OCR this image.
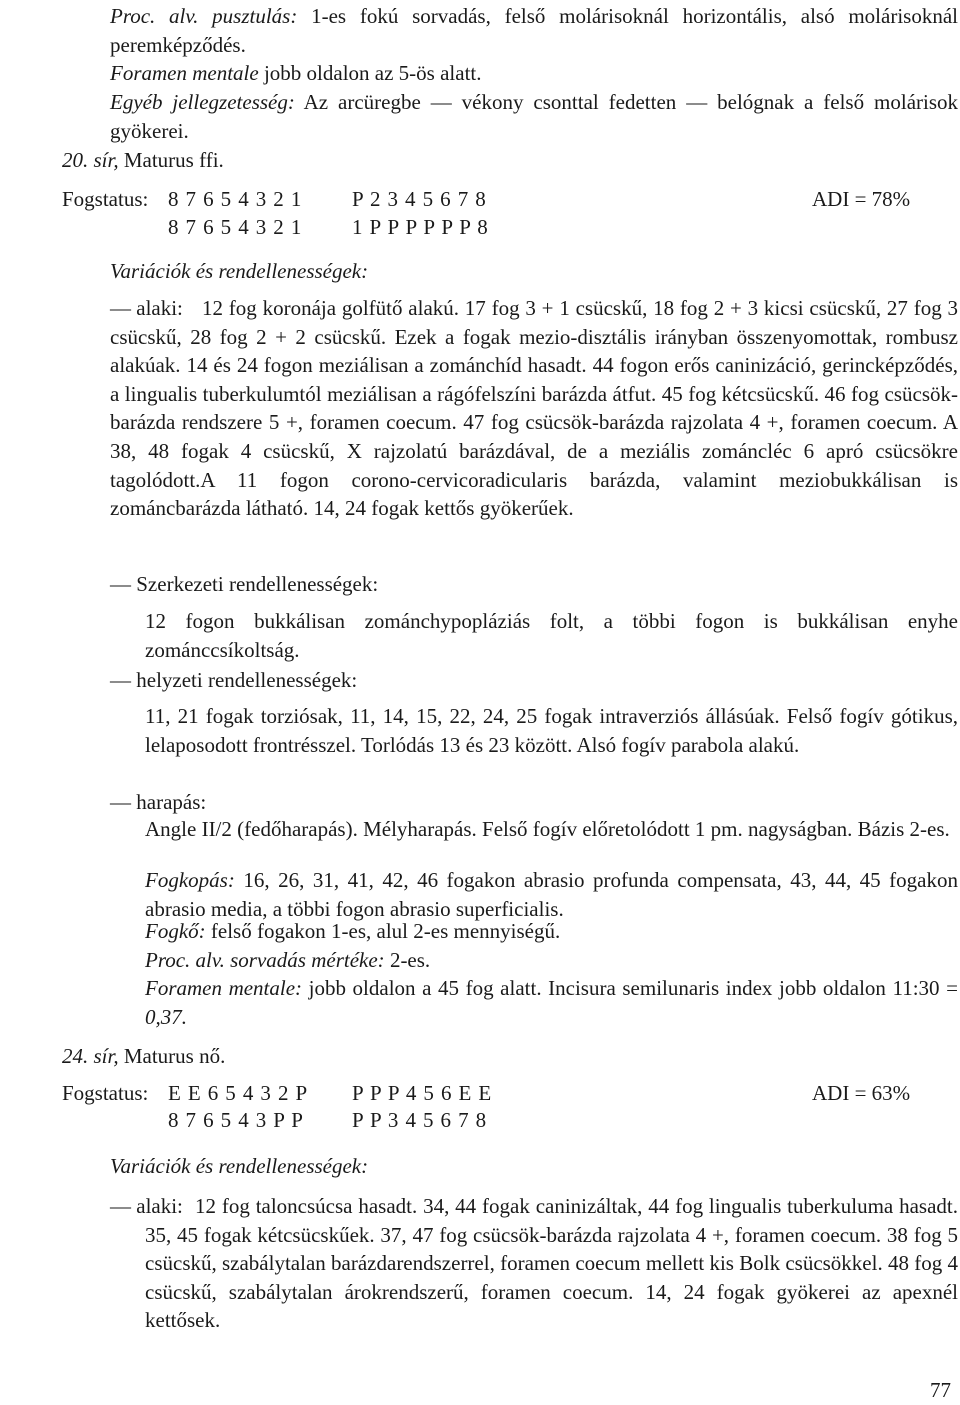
Proc. alv. pusztulás: 1-es fokú sorvadás, felső molárisoknál horizontális, alsó molárisoknál peremképződés.
Foramen mentale jobb oldalon az 5-ös alatt.
Egyéb jellegzetesség: Az arcüregbe — vékony csonttal fedetten — belógnak a felső molárisok gyökerei.
20. sír, Maturus ffi.
Fogstatus: 8 7 6 5 4 3 2 1 P 2 3 4 5 6 7 8	ADI = 78%
8 7 6 5 4 3 2 1 1 P P P P P P 8
Variációk és rendellenességek:
— alaki: 12 fog koronája golfütő alakú. 17 fog 3 + 1 csücskű, 18 fog 2 + 3 kicsi csücskű, 27 fog 3 csücskű, 28 fog 2 + 2 csücskű. Ezek a fogak mezio-disztális irányban összenyomottak, rombusz alakúak. 14 és 24 fogon meziálisan a zománchíd hasadt. 44 fogon erős caninizáció, gerincképződés, a lingualis tuberkulumtól meziálisan a rágófelszíni barázda átfut. 45 fog kétcsücskű. 46 fog csücsök-barázda rendszere 5 +, foramen coecum. 47 fog csücsök-barázda rajzolata 4 +, foramen coecum. A 38, 48 fogak 4 csücskű, X rajzolatú barázdával, de a meziális zománcléc 6 apró csücsökre tagolódott.A 11 fogon corono-cervicoradicularis barázda, valamint meziobukkálisan is zománcbarázda látható. 14, 24 fogak kettős gyökerűek.
— Szerkezeti rendellenességek:
12 fogon bukkálisan zománchypopláziás folt, a többi fogon is bukkálisan enyhe zománccsíkoltság.
— helyzeti rendellenességek:
11, 21 fogak torziósak, 11, 14, 15, 22, 24, 25 fogak intraverziós állásúak. Felső fogív gótikus, lelaposodott frontrésszel. Torlódás 13 és 23 között. Alsó fogív parabola alakú.
— harapás:
Angle II/2 (fedőharapás). Mélyharapás. Felső fogív előretolódott 1 pm. nagyságban. Bázis 2-es.
Fogkopás: 16, 26, 31, 41, 42, 46 fogakon abrasio profunda compensata, 43, 44, 45 fogakon abrasio media, a többi fogon abrasio superficialis.
Fogkő: felső fogakon 1-es, alul 2-es mennyiségű.
Proc. alv. sorvadás mértéke: 2-es.
Foramen mentale: jobb oldalon a 45 fog alatt. Incisura semilunaris index jobb oldalon 11:30 = 0,37.
24. sír, Maturus nő.
Fogstatus: E E 6 5 4 3 2 P P P P 4 5 6 E E	ADI = 63%
8 7 6 5 4 3 P P P P 3 4 5 6 7 8
Variációk és rendellenességek:
— alaki: 12 fog taloncsúcsa hasadt. 34, 44 fogak caninizáltak, 44 fog lingualis tuberkuluma hasadt. 35, 45 fogak kétcsücskűek. 37, 47 fog csücsök-barázda rajzolata 4 +, foramen coecum. 38 fog 5 csücskű, szabálytalan barázdarendszerrel, foramen coecum mellett kis Bolk csücsökkel. 48 fog 4 csücskű, szabálytalan árokrendszerű, foramen coecum. 14, 24 fogak gyökerei az apexnél kettősek.
77
